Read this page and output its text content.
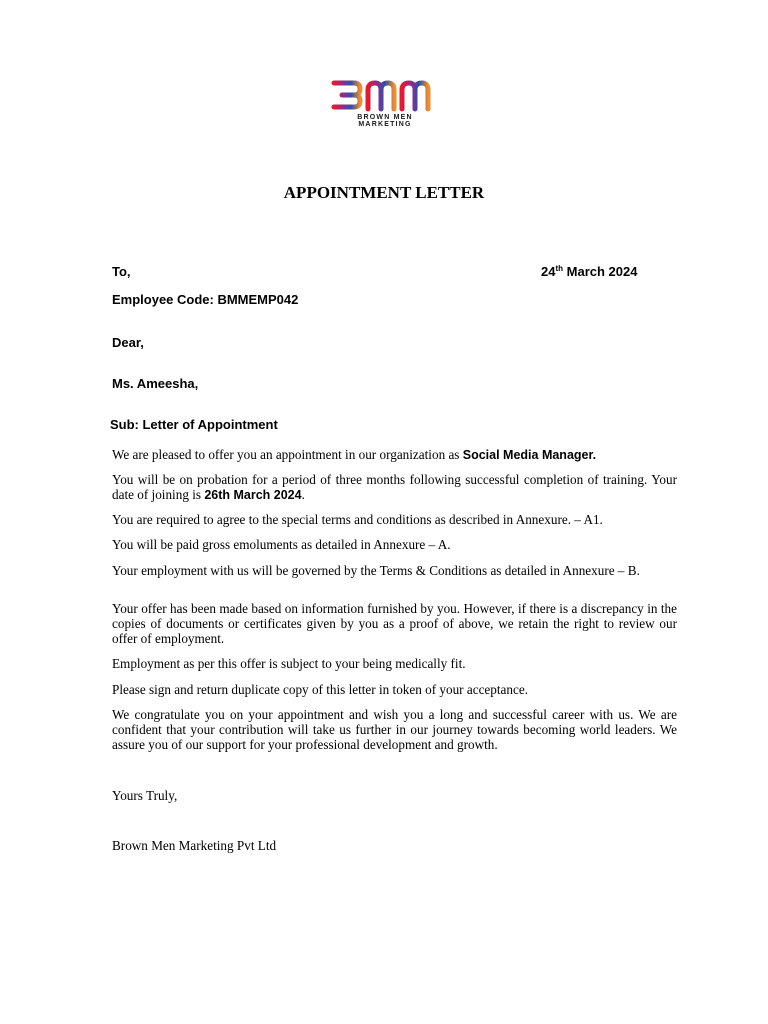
BROWN MEN MARKETING
APPOINTMENT LETTER
To,	24th March 2024
Employee Code: BMMEMP042
Dear,
Ms. Ameesha,
Sub: Letter of Appointment
We are pleased to offer you an appointment in our organization as Social Media Manager.
You will be on probation for a period of three months following successful completion of training. Your date of joining is 26th March 2024.
You are required to agree to the special terms and conditions as described in Annexure. – A1.
You will be paid gross emoluments as detailed in Annexure – A.
Your employment with us will be governed by the Terms & Conditions as detailed in Annexure – B.
Your offer has been made based on information furnished by you. However, if there is a discrepancy in the copies of documents or certificates given by you as a proof of above, we retain the right to review our offer of employment.
Employment as per this offer is subject to your being medically fit.
Please sign and return duplicate copy of this letter in token of your acceptance.
We congratulate you on your appointment and wish you a long and successful career with us. We are confident that your contribution will take us further in our journey towards becoming world leaders. We assure you of our support for your professional development and growth.
Yours Truly,
Brown Men Marketing Pvt Ltd
